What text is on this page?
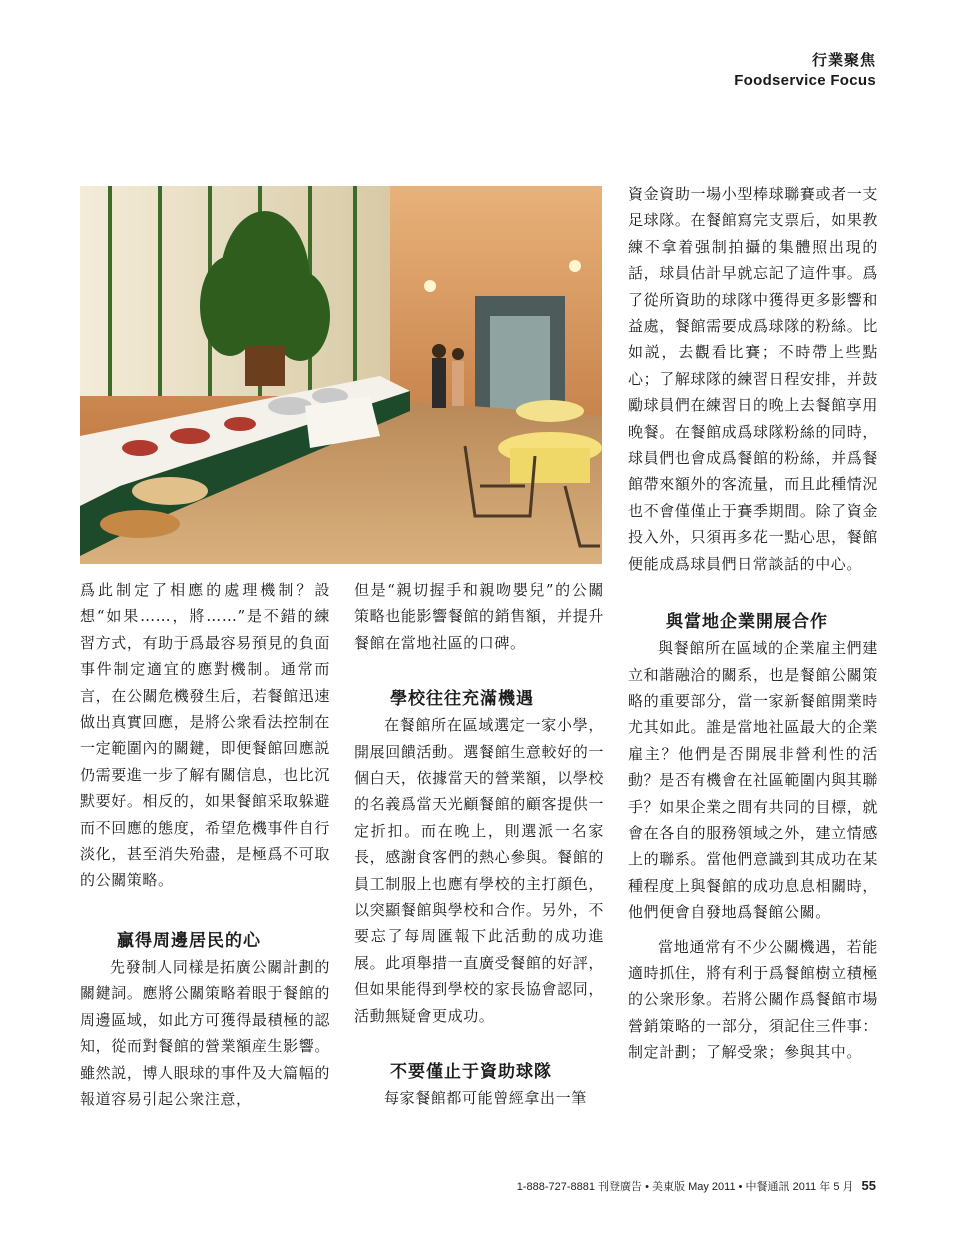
行業聚焦
Foodservice Focus

爲此制定了相應的處理機制？設想“如果……，將……”是不錯的練習方式，有助于爲最容易預見的負面事件制定適宜的應對機制。通常而言，在公關危機發生后，若餐館迅速做出真實回應，是將公衆看法控制在一定範圍內的關鍵，即便餐館回應説仍需要進一步了解有關信息，也比沉默要好。相反的，如果餐館采取躲避而不回應的態度，希望危機事件自行淡化，甚至消失殆盡，是極爲不可取的公關策略。

贏得周邊居民的心

先發制人同樣是拓廣公關計劃的關鍵詞。應將公關策略着眼于餐館的周邊區域，如此方可獲得最積極的認知，從而對餐館的營業額産生影響。雖然説，博人眼球的事件及大篇幅的報道容易引起公衆注意，

但是“親切握手和親吻嬰兒”的公關策略也能影響餐館的銷售額，并提升餐館在當地社區的口碑。

學校往往充滿機遇

在餐館所在區域選定一家小學，開展回饋活動。選餐館生意較好的一個白天，依據當天的營業額，以學校的名義爲當天光顧餐館的顧客提供一定折扣。而在晚上，則選派一名家長，感謝食客們的熱心參與。餐館的員工制服上也應有學校的主打顔色，以突顯餐館與學校和合作。另外，不要忘了每周匯報下此活動的成功進展。此項舉措一直廣受餐館的好評，但如果能得到學校的家長協會認同，活動無疑會更成功。

不要僅止于資助球隊

每家餐館都可能曾經拿出一筆

資金資助一場小型棒球聯賽或者一支足球隊。在餐館寫完支票后，如果教練不拿着强制拍攝的集體照出現的話，球員估計早就忘記了這件事。爲了從所資助的球隊中獲得更多影響和益處，餐館需要成爲球隊的粉絲。比如説，去觀看比賽；不時帶上些點心；了解球隊的練習日程安排，并鼓勵球員們在練習日的晚上去餐館享用晚餐。在餐館成爲球隊粉絲的同時，球員們也會成爲餐館的粉絲，并爲餐館帶來額外的客流量，而且此種情況也不會僅僅止于賽季期間。除了資金投入外，只須再多花一點心思，餐館便能成爲球員們日常談話的中心。

與當地企業開展合作

與餐館所在區域的企業雇主們建立和諧融洽的關系，也是餐館公關策略的重要部分，當一家新餐館開業時尤其如此。誰是當地社區最大的企業雇主？他們是否開展非營利性的活動？是否有機會在社區範圍内與其聯手？如果企業之間有共同的目標，就會在各自的服務領域之外，建立情感上的聯系。當他們意識到其成功在某種程度上與餐館的成功息息相關時，他們便會自發地爲餐館公關。

當地通常有不少公關機遇，若能適時抓住，將有利于爲餐館樹立積極的公衆形象。若將公關作爲餐館市場營銷策略的一部分，須記住三件事：制定計劃；了解受衆；參與其中。

1-888-727-8881 刊登廣告 • 美東版 May 2011 • 中餐通訊 2011 年 5 月 55
